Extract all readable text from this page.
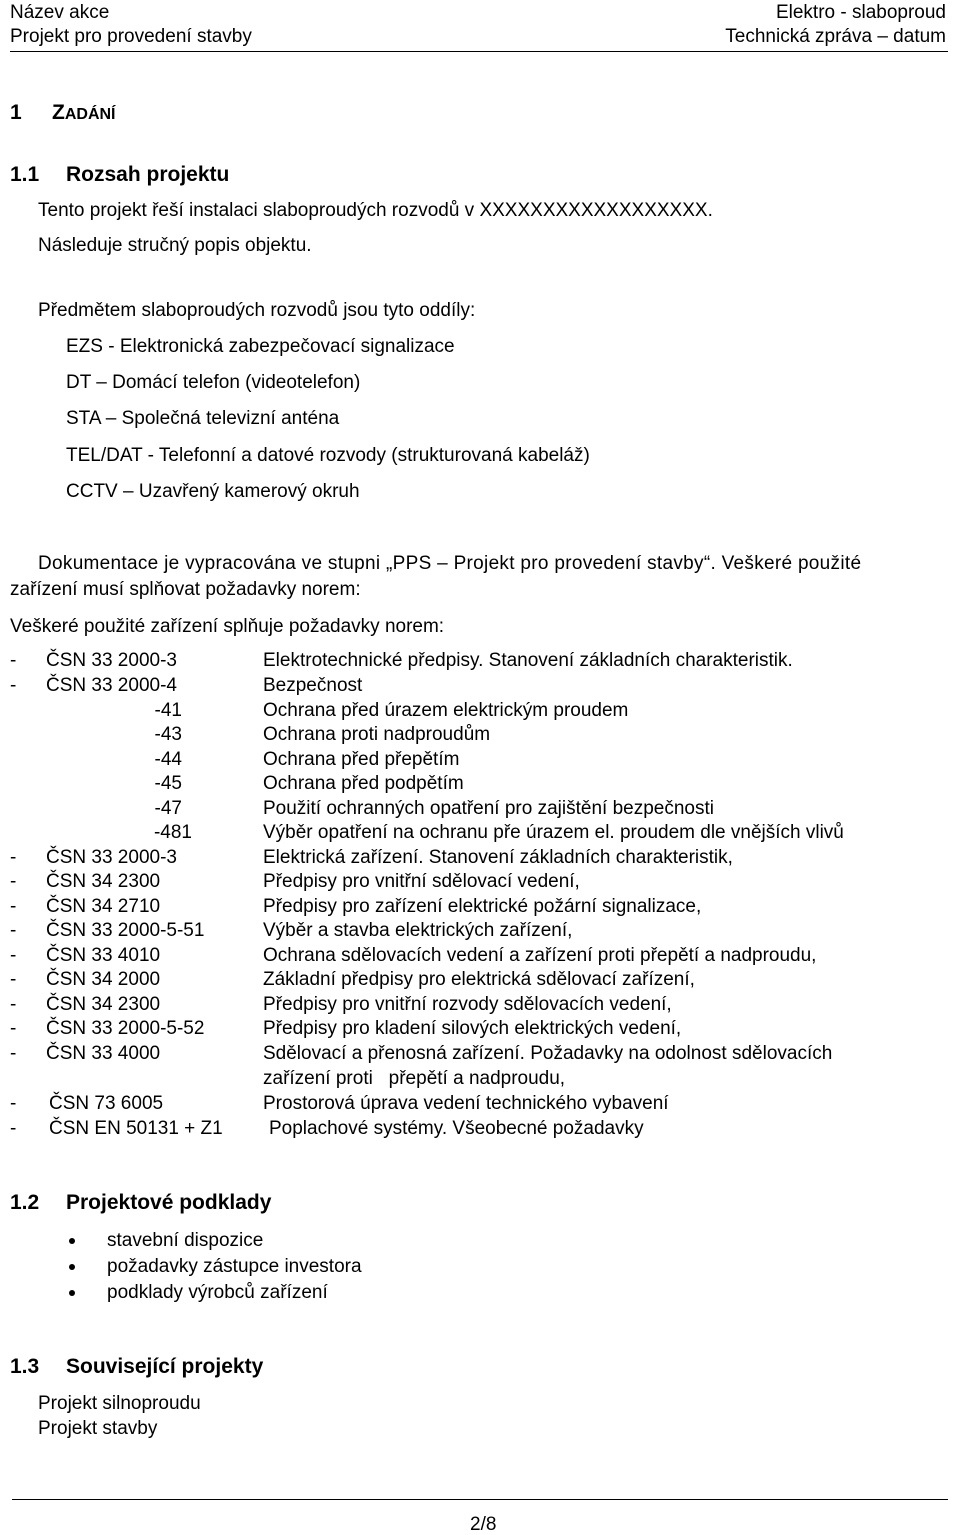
Název akce
Projekt pro provedení stavby
Elektro - slaboproud
Technická zpráva – datum
1 ZADÁNÍ
1.1 Rozsah projektu
Tento projekt řeší instalaci slaboproudých rozvodů v XXXXXXXXXXXXXXXXXX.
Následuje stručný popis objektu.
Předmětem slaboproudých rozvodů jsou tyto oddíly:
EZS - Elektronická zabezpečovací signalizace
DT – Domácí telefon (videotelefon)
STA – Společná televizní anténa
TEL/DAT - Telefonní a datové rozvody (strukturovaná kabeláž)
CCTV – Uzavřený kamerový okruh
Dokumentace je vypracována ve stupni „PPS – Projekt pro provedení stavby“. Veškeré použité
zařízení musí splňovat požadavky norem:
Veškeré použité zařízení splňuje požadavky norem:
- ČSN 33 2000-3	Elektrotechnické předpisy. Stanovení základních charakteristik.
- ČSN 33 2000-4	Bezpečnost
-41	Ochrana před úrazem elektrickým proudem
-43	Ochrana proti nadproudům
-44	Ochrana před přepětím
-45	Ochrana před podpětím
-47	Použití ochranných opatření pro zajištění bezpečnosti
-481	Výběr opatření na ochranu pře úrazem el. proudem dle vnějších vlivů
- ČSN 33 2000-3	Elektrická zařízení. Stanovení základních charakteristik,
- ČSN 34 2300	Předpisy pro vnitřní sdělovací vedení,
- ČSN 34 2710	Předpisy pro zařízení elektrické požární signalizace,
- ČSN 33 2000-5-51	Výběr a stavba elektrických zařízení,
- ČSN 33 4010	Ochrana sdělovacích vedení a zařízení proti přepětí a nadproudu,
- ČSN 34 2000	Základní předpisy pro elektrická sdělovací zařízení,
- ČSN 34 2300	Předpisy pro vnitřní rozvody sdělovacích vedení,
- ČSN 33 2000-5-52	Předpisy pro kladení silových elektrických vedení,
- ČSN 33 4000	Sdělovací a přenosná zařízení. Požadavky na odolnost sdělovacích
zařízení proti   přepětí a nadproudu,
- ČSN 73 6005	Prostorová úprava vedení technického vybavení
- ČSN EN 50131 + Z1 Poplachové systémy. Všeobecné požadavky
1.2 Projektové podklady
stavební dispozice
požadavky zástupce investora
podklady výrobců zařízení
1.3 Související projekty
Projekt silnoproudu
Projekt stavby
2/8
